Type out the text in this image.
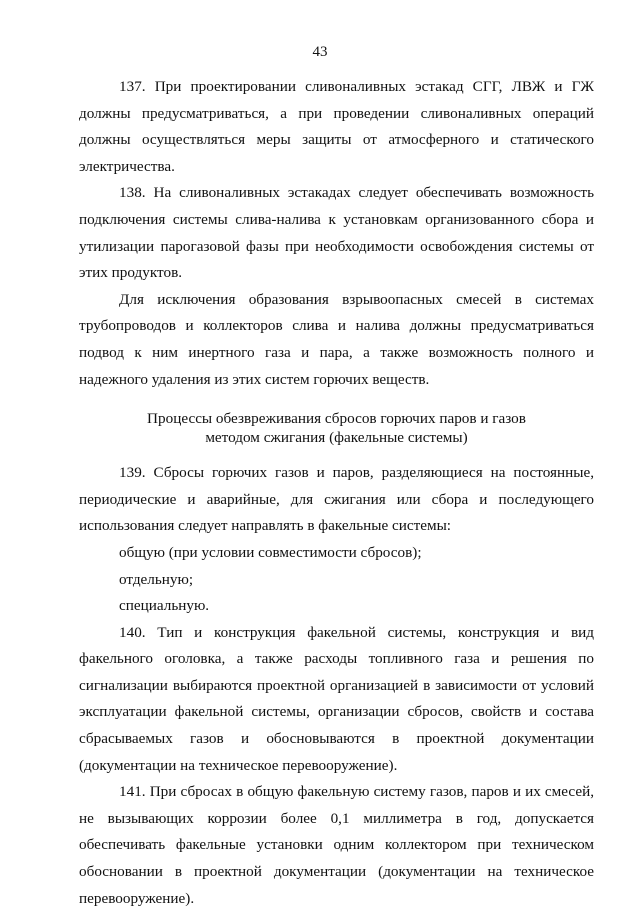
43

137. При проектировании сливоналивных эстакад СГГ, ЛВЖ и ГЖ должны предусматриваться, а при проведении сливоналивных операций должны осуществляться меры защиты от атмосферного и статического электричества.

138. На сливоналивных эстакадах следует обеспечивать возможность подключения системы слива-налива к установкам организованного сбора и утилизации парогазовой фазы при необходимости освобождения системы от этих продуктов.

Для исключения образования взрывоопасных смесей в системах трубопроводов и коллекторов слива и налива должны предусматриваться подвод к ним инертного газа и пара, а также возможность полного и надежного удаления из этих систем горючих веществ.

Процессы обезвреживания сбросов горючих паров и газов
методом сжигания (факельные системы)

139. Сбросы горючих газов и паров, разделяющиеся на постоянные, периодические и аварийные, для сжигания или сбора и последующего использования следует направлять в факельные системы:

общую (при условии совместимости сбросов);

отдельную;

специальную.

140. Тип и конструкция факельной системы, конструкция и вид факельного оголовка, а также расходы топливного газа и решения по сигнализации выбираются проектной организацией в зависимости от условий эксплуатации факельной системы, организации сбросов, свойств и состава сбрасываемых газов и обосновываются в проектной документации (документации на техническое перевооружение).

141. При сбросах в общую факельную систему газов, паров и их смесей, не вызывающих коррозии более 0,1 миллиметра в год, допускается обеспечивать факельные установки одним коллектором при техническом обосновании в проектной документации (документации на техническое перевооружение).
